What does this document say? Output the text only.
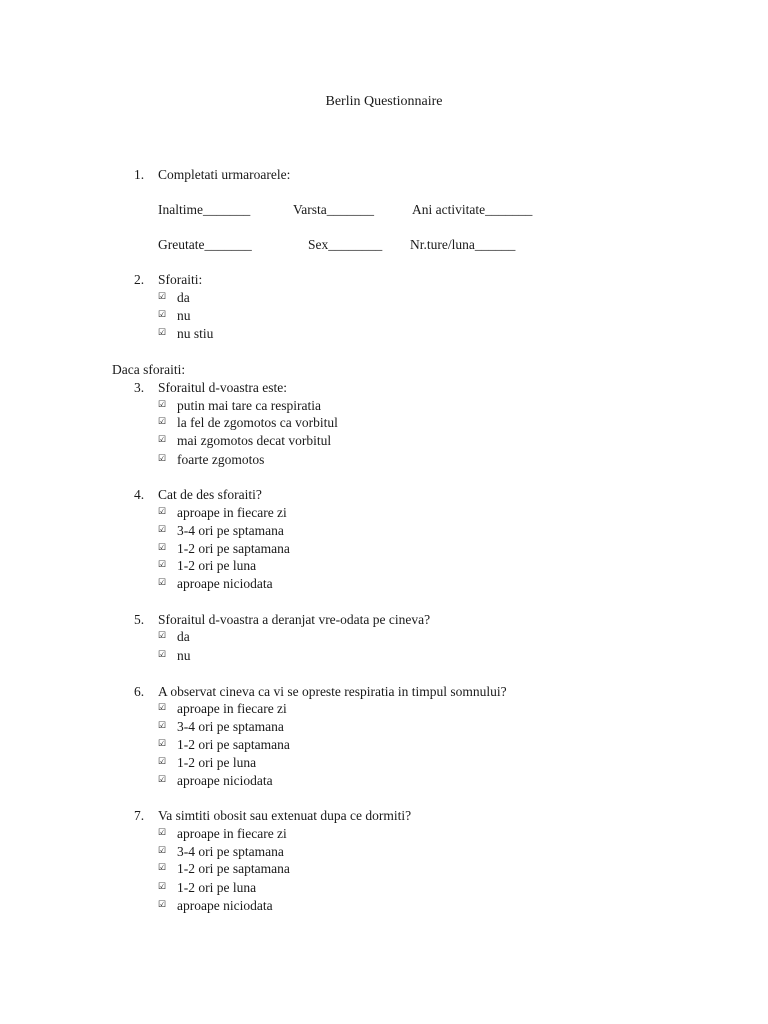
Berlin Questionnaire
1. Completati urmaroarele:
Inaltime_______	Varsta_______	Ani activitate_______
Greutate_______	Sex________ Nr.ture/luna______
2. Sforaiti:
☑ da
☑ nu
☑ nu stiu
Daca sforaiti:
3. Sforaitul d-voastra este:
☑ putin mai tare ca respiratia
☑ la fel de zgomotos ca vorbitul
☑ mai zgomotos decat vorbitul
☑ foarte zgomotos
4. Cat de des sforaiti?
☑ aproape in fiecare zi
☑ 3-4 ori pe sptamana
☑ 1-2 ori pe saptamana
☑ 1-2 ori pe luna
☑ aproape niciodata
5. Sforaitul d-voastra a deranjat vre-odata pe cineva?
☑ da
☑ nu
6. A observat cineva ca vi se opreste respiratia in timpul somnului?
☑ aproape in fiecare zi
☑ 3-4 ori pe sptamana
☑ 1-2 ori pe saptamana
☑ 1-2 ori pe luna
☑ aproape niciodata
7. Va simtiti obosit sau extenuat dupa ce dormiti?
☑ aproape in fiecare zi
☑ 3-4 ori pe sptamana
☑ 1-2 ori pe saptamana
☑ 1-2 ori pe luna
☑ aproape niciodata
